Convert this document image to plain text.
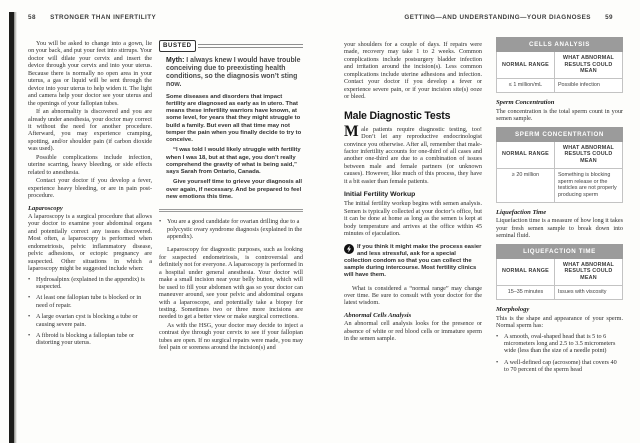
58 STRONGER THAN INFERTILITY	GETTING—AND UNDERSTANDING—YOUR DIAGNOSES 59

You will be asked to change into a gown, lie on your back, and put your feet into stirrups. Your doctor will dilate your cervix and insert the device through your cervix and into your uterus. Because there is normally no open area in your uterus, a gas or liquid will be sent through the device into your uterus to help widen it. The light and camera help your doctor see your uterus and the openings of your fallopian tubes.

If an abnormality is discovered and you are already under anesthesia, your doctor may correct it without the need for another procedure. Afterward, you may experience cramping, spotting, and/or shoulder pain (if carbon dioxide was used).

Possible complications include infection, uterine scarring, heavy bleeding, or side effects related to anesthesia.

Contact your doctor if you develop a fever, experience heavy bleeding, or are in pain post-procedure.

Laparoscopy

A laparoscopy is a surgical procedure that allows your doctor to examine your abdominal organs and potentially correct any issues discovered. Most often, a laparoscopy is performed when endometriosis, pelvic inflammatory disease, pelvic adhesions, or ectopic pregnancy are suspected. Other situations in which a laparoscopy might be suggested include when:

• Hydrosalpinx (explained in the appendix) is suspected.
• At least one fallopian tube is blocked or in need of repair.
• A large ovarian cyst is blocking a tube or causing severe pain.
• A fibroid is blocking a fallopian tube or distorting your uterus.
BUSTED

Myth: I always knew I would have trouble conceiving due to preexisting health conditions, so the diagnosis won’t sting now.

Some diseases and disorders that impact fertility are diagnosed as early as in utero. That means these infertility warriors have known, at some level, for years that they might struggle to build a family. But even all that time may not temper the pain when you finally decide to try to conceive.

“I was told I would likely struggle with fertility when I was 18, but at that age, you don’t really comprehend the gravity of what is being said,” says Sarah from Ontario, Canada.

Give yourself time to grieve your diagnosis all over again, if necessary. And be prepared to feel new emotions this time.

• You are a good candidate for ovarian drilling due to a polycystic ovary syndrome diagnosis (explained in the appendix).

Laparoscopy for diagnostic purposes, such as looking for suspected endometriosis, is controversial and definitely not for everyone. A laparoscopy is performed in a hospital under general anesthesia. Your doctor will make a small incision near your belly button, which will be used to fill your abdomen with gas so your doctor can maneuver around, see your pelvic and abdominal organs with a laparoscope, and potentially take a biopsy for testing. Sometimes two or three more incisions are needed to get a better view or make surgical corrections.

As with the HSG, your doctor may decide to inject a contrast dye through your cervix to see if your fallopian tubes are open. If no surgical repairs were made, you may feel pain or soreness around the incision(s) and

your shoulders for a couple of days. If repairs were made, recovery may take 1 to 2 weeks. Common complications include postsurgery bladder infection and irritation around the incision(s). Less common complications include uterine adhesions and infection. Contact your doctor if you develop a fever or experience severe pain, or if your incision site(s) ooze or bleed.

Male Diagnostic Tests

Male patients require diagnostic testing, too! Don’t let any reproductive endocrinologist convince you otherwise. After all, remember that male-factor infertility accounts for one-third of all cases and another one-third are due to a combination of issues between male and female partners (or unknown causes). However, like much of this process, they have it a bit easier than female patients.

Initial Fertility Workup

The initial fertility workup begins with semen analysis. Semen is typically collected at your doctor’s office, but it can be done at home as long as the semen is kept at body temperature and arrives at the office within 45 minutes of ejaculation.

If you think it might make the process easier and less stressful, ask for a special collection condom so that you can collect the sample during intercourse. Most fertility clinics will have them.

What is considered a “normal range” may change over time. Be sure to consult with your doctor for the latest wisdom.

Abnormal Cells Analysis

An abnormal cell analysis looks for the presence or absence of white or red blood cells or immature sperm in the semen sample.

CELLS ANALYSIS	
NORMAL RANGE	WHAT ABNORMAL RESULTS COULD MEAN
≤ 1 million/mL	Possible infection
Sperm Concentration

The concentration is the total sperm count in your semen sample.

SPERM CONCENTRATION	
NORMAL RANGE	WHAT ABNORMAL RESULTS COULD MEAN
≥ 20 million	Something is blocking sperm release or the testicles are not properly producing sperm
Liquefaction Time

Liquefaction time is a measure of how long it takes your fresh semen sample to break down into seminal fluid.

LIQUEFACTION TIME	
NORMAL RANGE	WHAT ABNORMAL RESULTS COULD MEAN
15–35 minutes	Issues with viscosity
Morphology

This is the shape and appearance of your sperm. Normal sperm has:

• A smooth, oval-shaped head that is 5 to 6 micrometers long and 2.5 to 3.5 micrometers wide (less than the size of a needle point)
• A well-defined cap (acrosome) that covers 40 to 70 percent of the sperm head
